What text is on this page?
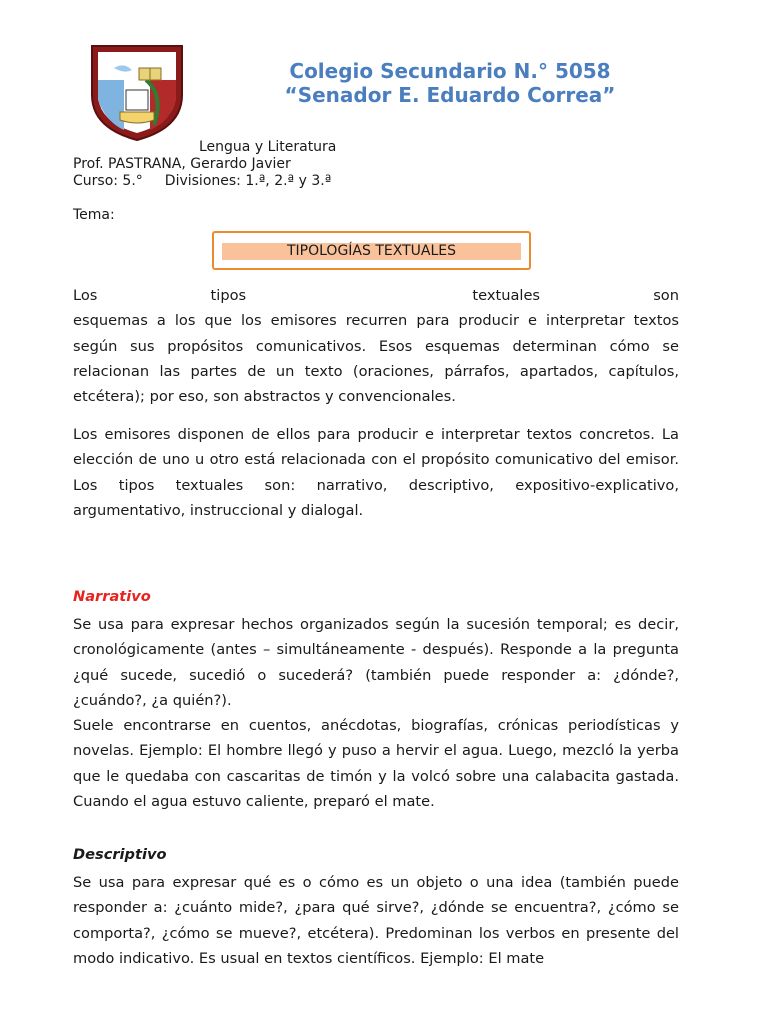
Colegio Secundario N.° 5058
“Senador E. Eduardo Correa”
Lengua y Literatura
Prof. PASTRANA, Gerardo Javier
Curso: 5.° Divisiones: 1.ª, 2.ª y 3.ª
Tema:
TIPOLOGÍAS TEXTUALES
Los	tipos	textuales	son

esquemas a los que los emisores recurren para producir e interpretar textos según sus propósitos comunicativos. Esos esquemas determinan cómo se relacionan las partes de un texto (oraciones, párrafos, apartados, capítulos, etcétera); por eso, son abstractos y convencionales.

Los emisores disponen de ellos para producir e interpretar textos concretos. La elección de uno u otro está relacionada con el propósito comunicativo del emisor. Los tipos textuales son: narrativo, descriptivo, expositivo-explicativo, argumentativo, instruccional y dialogal.

Narrativo

Se usa para expresar hechos organizados según la sucesión temporal; es decir, cronológicamente (antes – simultáneamente - después). Responde a la pregunta ¿qué sucede, sucedió o sucederá? (también puede responder a: ¿dónde?, ¿cuándo?, ¿a quién?).

Suele encontrarse en cuentos, anécdotas, biografías, crónicas periodísticas y novelas. Ejemplo: El hombre llegó y puso a hervir el agua. Luego, mezcló la yerba que le quedaba con cascaritas de timón y la volcó sobre una calabacita gastada. Cuando el agua estuvo caliente, preparó el mate.

Descriptivo

Se usa para expresar qué es o cómo es un objeto o una idea (también puede responder a: ¿cuánto mide?, ¿para qué sirve?, ¿dónde se encuentra?, ¿cómo se comporta?, ¿cómo se mueve?, etcétera). Predominan los verbos en presente del modo indicativo. Es usual en textos científicos. Ejemplo: El mate
